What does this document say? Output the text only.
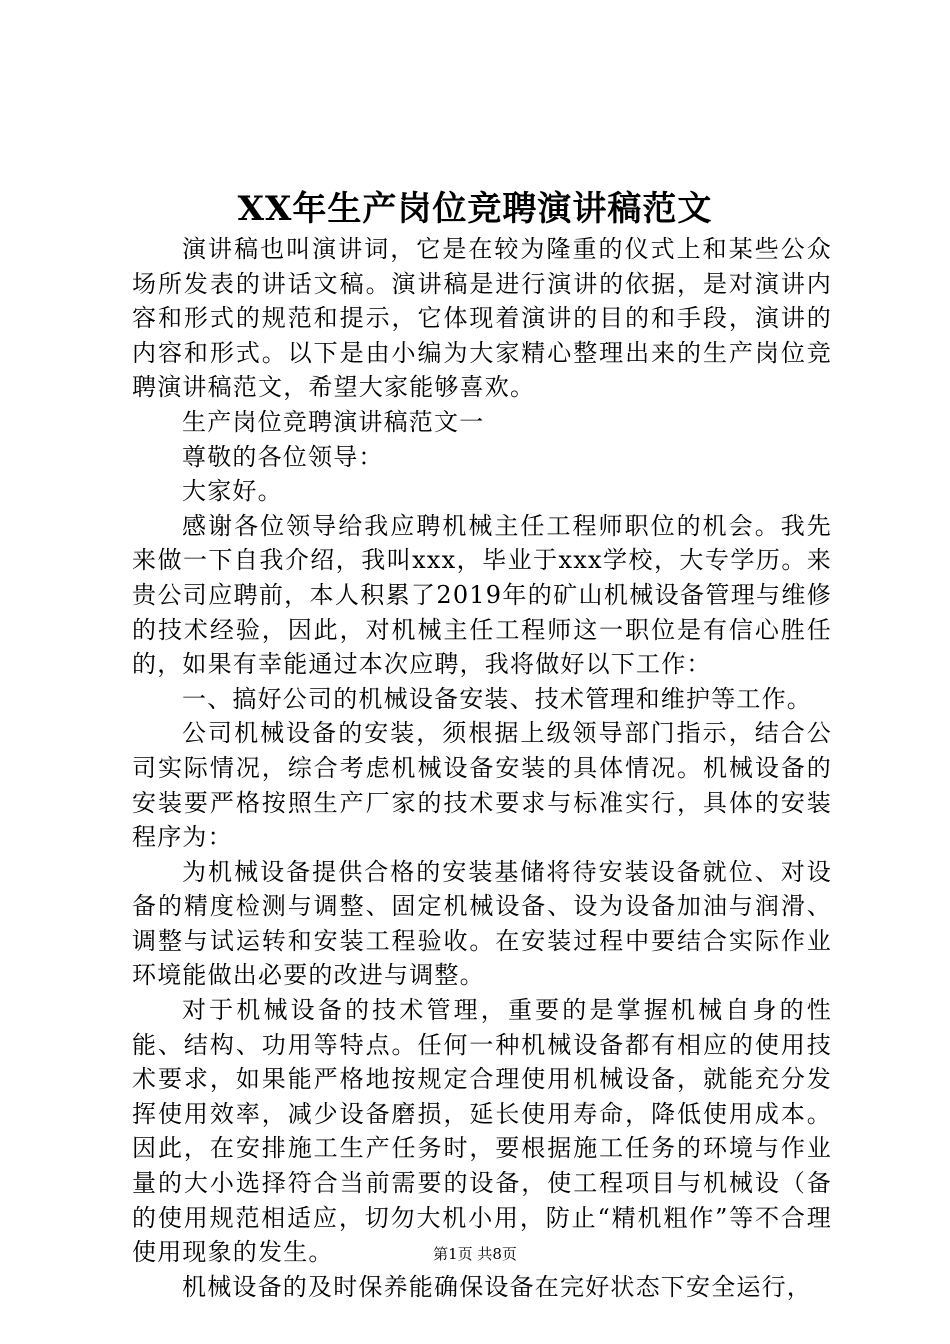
XX年生产岗位竞聘演讲稿范文

演讲稿也叫演讲词，它是在较为隆重的仪式上和某些公众场所发表的讲话文稿。演讲稿是进行演讲的依据，是对演讲内容和形式的规范和提示，它体现着演讲的目的和手段，演讲的内容和形式。以下是由小编为大家精心整理出来的生产岗位竞聘演讲稿范文，希望大家能够喜欢。

生产岗位竞聘演讲稿范文一

尊敬的各位领导：

大家好。

感谢各位领导给我应聘机械主任工程师职位的机会。我先来做一下自我介绍，我叫xxx，毕业于xxx学校，大专学历。来贵公司应聘前，本人积累了2019年的矿山机械设备管理与维修的技术经验，因此，对机械主任工程师这一职位是有信心胜任的，如果有幸能通过本次应聘，我将做好以下工作：

一、搞好公司的机械设备安装、技术管理和维护等工作。

公司机械设备的安装，须根据上级领导部门指示，结合公司实际情况，综合考虑机械设备安装的具体情况。机械设备的安装要严格按照生产厂家的技术要求与标准实行，具体的安装程序为：

为机械设备提供合格的安装基储将待安装设备就位、对设备的精度检测与调整、固定机械设备、设为设备加油与润滑、调整与试运转和安装工程验收。在安装过程中要结合实际作业环境能做出必要的改进与调整。

对于机械设备的技术管理，重要的是掌握机械自身的性能、结构、功用等特点。任何一种机械设备都有相应的使用技术要求，如果能严格地按规定合理使用机械设备，就能充分发挥使用效率，减少设备磨损，延长使用寿命，降低使用成本。因此，在安排施工生产任务时，要根据施工任务的环境与作业量的大小选择符合当前需要的设备，使工程项目与机械设（备的使用规范相适应，切勿大机小用，防止“精机粗作”等不合理使用现象的发生。

机械设备的及时保养能确保设备在完好状态下安全运行，

第1页 共8页
